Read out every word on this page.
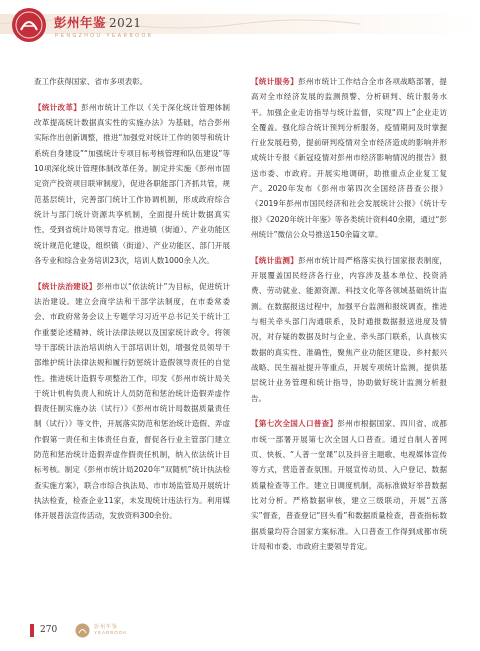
彭州年鉴 2021
PENGZHOU YEARBOOK

查工作获得国家、省市多项表彰。

【统计改革】彭州市统计工作以《关于深化统计管理体制改革提高统计数据真实性的实施办法》为基础，结合彭州实际作出创新调整，推进“加强党对统计工作的领导和统计系统自身建设”“加强统计专项目标考核管理和队伍建设”等10项深化统计管理体制改革任务。制定并实施《彭州市固定资产投资项目联审制度》，促进各职能部门齐抓共管，规范基层统计，完善部门统计工作协调机制，形成政府综合统计与部门统计资源共享机制，全面提升统计数据真实性，受到省统计局领导肯定。推进镇（街道）、产业功能区统计规范化建设，组织镇（街道）、产业功能区、部门开展各专业和综合业务培训23次，培训人数1000余人次。

【统计法治建设】彭州市以“依法统计”为目标，促进统计法治建设。建立会商学法和干部学法制度，在市委常委会、市政府常务会议上专题学习习近平总书记关于统计工作重要论述精神、统计法律法规以及国家统计政令。将领导干部统计法治培训纳入干部培训计划，增强党员领导干部维护统计法律法规和履行防惩统计造假领导责任的自觉性。推进统计造假专项整治工作，印发《彭州市统计局关于统计机构负责人和统计人员防范和惩治统计造假弄虚作假责任制实施办法（试行）》《彭州市统计局数据质量责任制（试行）》等文件，开展落实防范和惩治统计造假、弄虚作假第一责任和主体责任自查，督促各行业主管部门建立防范和惩治统计造假弄虚作假责任机制，纳入依法统计目标考核。制定《彭州市统计局2020年“双随机”统计执法检查实施方案》，联合市综合执法局、市市场监管局开展统计执法检查，检查企业11家，未发现统计违法行为。利用媒体开展普法宣传活动，发放资料300余份。

【统计服务】彭州市统计工作结合全市各项战略部署，提高对全市经济发展的监测预警、分析研判、统计服务水平。加强企业走访指导与统计监督，实现“四上”企业走访全覆盖。强化综合统计预判分析服务，疫情期间及时掌握行业发展趋势，提前研判疫情对全市经济造成的影响并形成统计专报《新冠疫情对彭州市经济影响情况的报告》报送市委、市政府。开展实地调研，助推重点企业复工复产。2020年发布《彭州市第四次全国经济普查公报》《2019年彭州市国民经济和社会发展统计公报》《统计专报》《2020年统计年鉴》等各类统计资料40余期，通过“彭州统计”微信公众号推送150余篇文章。

【统计监测】彭州市统计局严格落实执行国家报表制度，开展覆盖国民经济各行业，内容涉及基本单位、投资消费、劳动就业、能源资源、科技文化等各领域基础统计监测。在数据报送过程中，加强平台监测和报统调查，推进与相关牵头部门沟通联系，及时通报数据报送进度及情况，对存疑的数据及时与企业、牵头部门联系，认真核实数据的真实性、准确性，聚焦产业功能区建设、乡村振兴战略、民生福祉提升等重点，开展专项统计监测，提供基层统计业务管理和统计指导，协助做好统计监测分析报告。

【第七次全国人口普查】彭州市根据国家、四川省、成都市统一部署开展第七次全国人口普查。通过自制人普网页、快板、“人普一堂课”以及抖音主题歌、电视媒体宣传等方式，营造普查氛围。开展宣传动员、入户登记、数据质量检查等工作。建立日调度机制，高标准做好举普数据比对分析。严格数据审核，建立三级联动，开展“五落实”督查，普查登记“回头看”和数据质量检查，普查指标数据质量均符合国家方案标准。入口普查工作得到成都市统计局和市委、市政府主要领导肯定。

270	彭州年鉴
YEARBOOK
